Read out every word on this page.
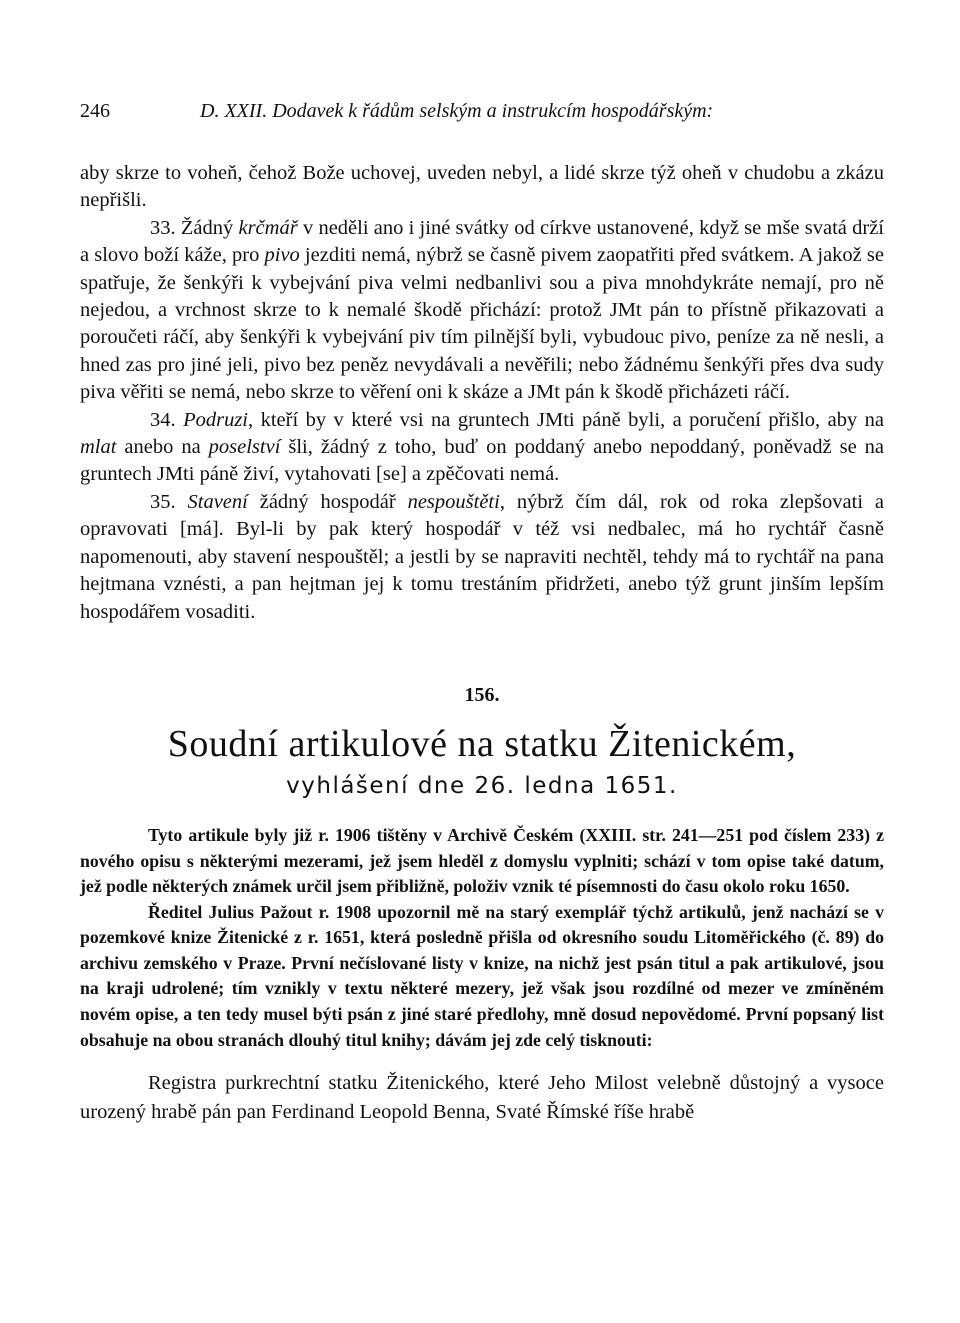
246	D. XXII. Dodavek k řádům selským a instrukcím hospodářským:

aby skrze to voheň, čehož Bože uchovej, uveden nebyl, a lidé skrze týž oheň v chudobu a zkázu nepřišli.

33. Žádný krčmář v neděli ano i jiné svátky od církve ustanovené, když se mše svatá drží a slovo boží káže, pro pivo jezditi nemá, nýbrž se časně pivem zaopatřiti před svátkem. A jakož se spatřuje, že šenkýři k vybejvání piva velmi nedbanlivi sou a piva mnohdykráte nemají, pro ně nejedou, a vrchnost skrze to k nemalé škodě přichází: protož JMt pán to přístně přikazovati a poroučeti ráčí, aby šenkýři k vybejvání piv tím pilnější byli, vybudouc pivo, peníze za ně nesli, a hned zas pro jiné jeli, pivo bez peněz nevydávali a nevěřili; nebo žádnému šenkýři přes dva sudy piva věřiti se nemá, nebo skrze to věření oni k skáze a JMt pán k škodě přicházeti ráčí.

34. Podruzi, kteří by v které vsi na gruntech JMti páně byli, a poručení přišlo, aby na mlat anebo na poselství šli, žádný z toho, buď on poddaný anebo nepoddaný, poněvadž se na gruntech JMti páně živí, vytahovati [se] a zpěčovati nemá.

35. Stavení žádný hospodář nespouštěti, nýbrž čím dál, rok od roka zlepšovati a opravovati [má]. Byl-li by pak který hospodář v též vsi nedbalec, má ho rychtář časně napomenouti, aby stavení nespouštěl; a jestli by se napraviti nechtěl, tehdy má to rychtář na pana hejtmana vznésti, a pan hejtman jej k tomu trestáním přidržeti, anebo týž grunt jinším lepším hospodářem vosaditi.

156.
Soudní artikulové na statku Žitenickém,
vyhlášení dne 26. ledna 1651.

Tyto artikule byly již r. 1906 tištěny v Archivě Českém (XXIII. str. 241—251 pod číslem 233) z nového opisu s některými mezerami, jež jsem hleděl z domyslu vyplniti; schází v tom opise také datum, jež podle některých známek určil jsem přibližně, položiv vznik té písemnosti do času okolo roku 1650.

Ředitel Julius Pažout r. 1908 upozornil mě na starý exemplář týchž artikulů, jenž nachází se v pozemkové knize Žitenické z r. 1651, která posledně přišla od okresního soudu Litoměřického (č. 89) do archivu zemského v Praze. První nečíslované listy v knize, na nichž jest psán titul a pak artikulové, jsou na kraji udrolené; tím vznikly v textu některé mezery, jež však jsou rozdílné od mezer ve zmíněném novém opise, a ten tedy musel býti psán z jiné staré předlohy, mně dosud nepovědomé. První popsaný list obsahuje na obou stranách dlouhý titul knihy; dávám jej zde celý tisknouti:

Registra purkrechtní statku Žitenického, které Jeho Milost velebně důstojný a vysoce urozený hrabě pán pan Ferdinand Leopold Benna, Svaté Římské říše hrabě
